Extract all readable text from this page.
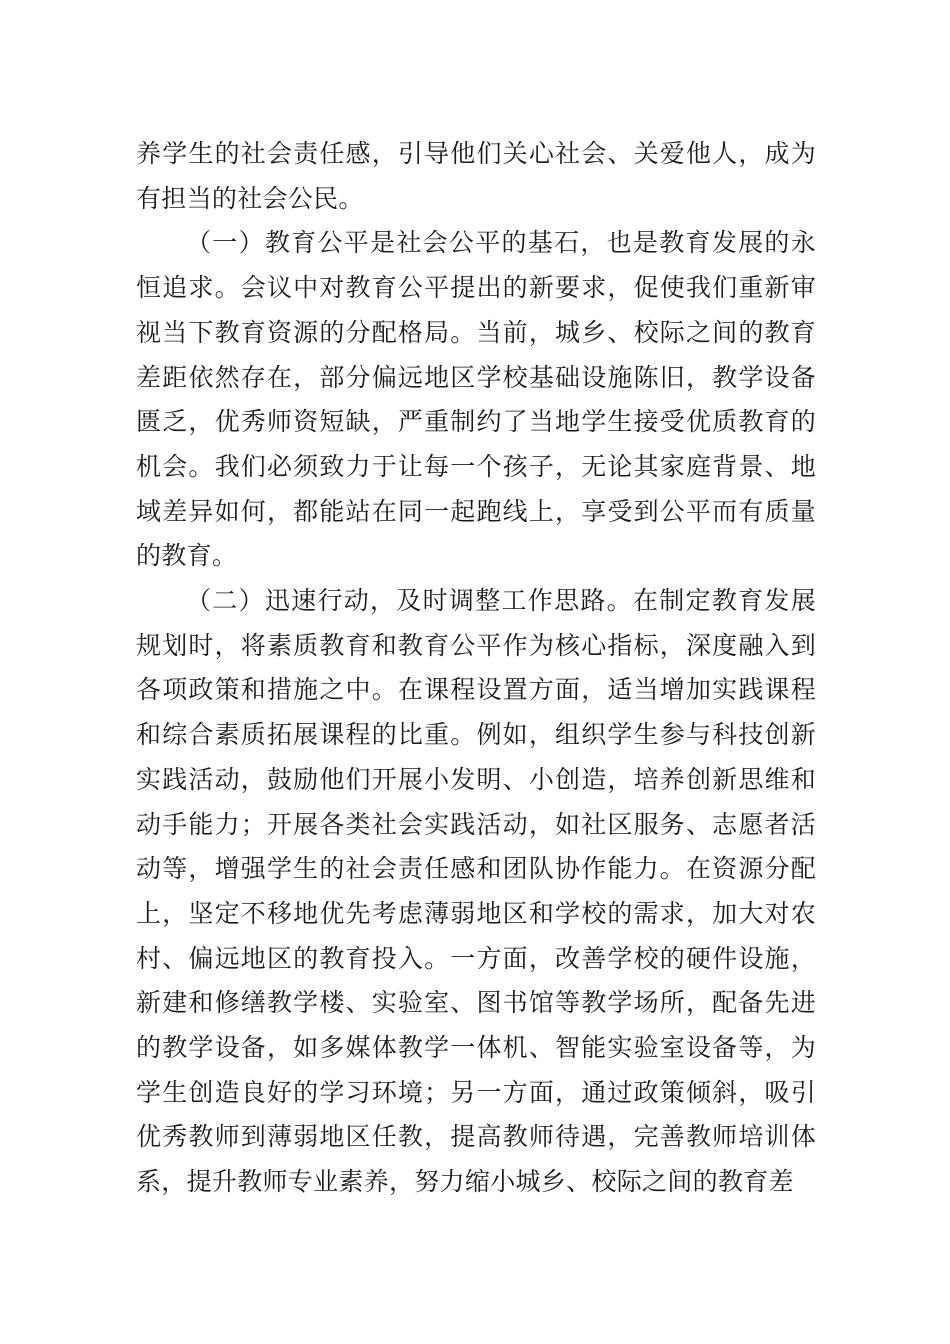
养学生的社会责任感，引导他们关心社会、关爱他人，成为有担当的社会公民。

（一）教育公平是社会公平的基石，也是教育发展的永恒追求。会议中对教育公平提出的新要求，促使我们重新审视当下教育资源的分配格局。当前，城乡、校际之间的教育差距依然存在，部分偏远地区学校基础设施陈旧，教学设备匮乏，优秀师资短缺，严重制约了当地学生接受优质教育的机会。我们必须致力于让每一个孩子，无论其家庭背景、地域差异如何，都能站在同一起跑线上，享受到公平而有质量的教育。

（二）迅速行动，及时调整工作思路。在制定教育发展规划时，将素质教育和教育公平作为核心指标，深度融入到各项政策和措施之中。在课程设置方面，适当增加实践课程和综合素质拓展课程的比重。例如，组织学生参与科技创新实践活动，鼓励他们开展小发明、小创造，培养创新思维和动手能力；开展各类社会实践活动，如社区服务、志愿者活动等，增强学生的社会责任感和团队协作能力。在资源分配上，坚定不移地优先考虑薄弱地区和学校的需求，加大对农村、偏远地区的教育投入。一方面，改善学校的硬件设施，新建和修缮教学楼、实验室、图书馆等教学场所，配备先进的教学设备，如多媒体教学一体机、智能实验室设备等，为学生创造良好的学习环境；另一方面，通过政策倾斜，吸引优秀教师到薄弱地区任教，提高教师待遇，完善教师培训体系，提升教师专业素养，努力缩小城乡、校际之间的教育差
